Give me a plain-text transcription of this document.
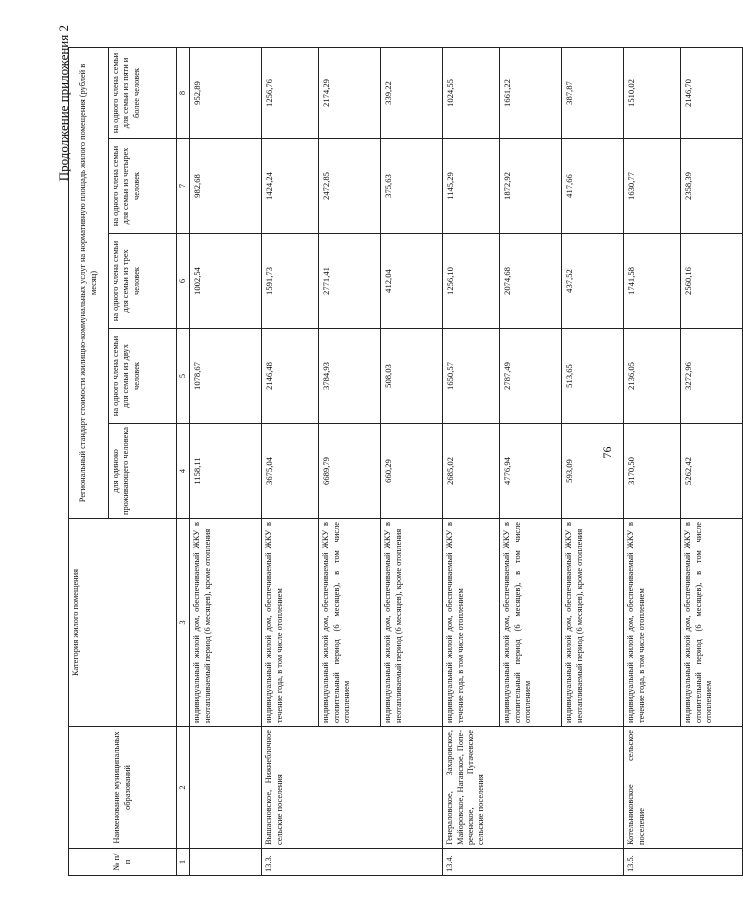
76
Продолжение приложения 2
№ п/п	Наименование муниципальных образований	Категория жилого помещения	Региональный стандарт стоимости жилищно-коммунальных услуг на нормативную площадь жилого помещения (рублей в месяц)				
			для одиноко проживающего человека	на одного члена семьи для семьи из двух человек	на одного члена семьи для семьи из трех человек	на одного члена семьи для семьи из четырех человек	на одного члена семьи для семьи из пяти и более человек
1	2	3	4	5	6	7	8
		индивидуальный жилой дом, обеспечиваемый ЖКУ в неотапливаемый период (6 месяцев), кроме отопления	1158,11	1078,67	1002,54	982,68	952,89
13.3.	Вышасновское, Нижнеблочное сельские поселения	индивидуальный жилой дом, обеспечиваемый ЖКУ в течение года, в том числе отоплением	3675,04	2146,48	1591,73	1424,24	1256,76
		индивидуальный жилой дом, обеспечиваемый ЖКУ в отопительный период (6 месяцев), в том числе отоплением	6689,79	3784,93	2771,41	2472,85	2174,29
		индивидуальный жилой дом, обеспечиваемый ЖКУ в неотапливаемый период (6 месяцев), кроме отопления	660,29	508,03	412,04	375,63	339,22
13.4.	Генераловское, Захаровское, Майоровское, Нагавское, Попе-реченское, Пугачевское сельские поселения	индивидуальный жилой дом, обеспечиваемый ЖКУ в течение года, в том числе отоплением	2685,02	1650,57	1256,10	1145,29	1024,55
		индивидуальный жилой дом, обеспечиваемый ЖКУ в отопительный период (6 месяцев), в том числе отоплением	4776,94	2787,49	2074,68	1872,92	1661,22
		индивидуальный жилой дом, обеспечиваемый ЖКУ в неотапливаемый период (6 месяцев), кроме отопления	593,09	513,65	437,52	417,66	387,87
13.5.	Котельниковское сельское поселение	индивидуальный жилой дом, обеспечиваемый ЖКУ в течение года, в том числе отоплением	3170,50	2136,05	1741,58	1630,77	1510,02
		индивидуальный жилой дом, обеспечиваемый ЖКУ в отопительный период (6 месяцев), в том числе отоплением	5262,42	3272,96	2560,16	2358,39	2146,70
